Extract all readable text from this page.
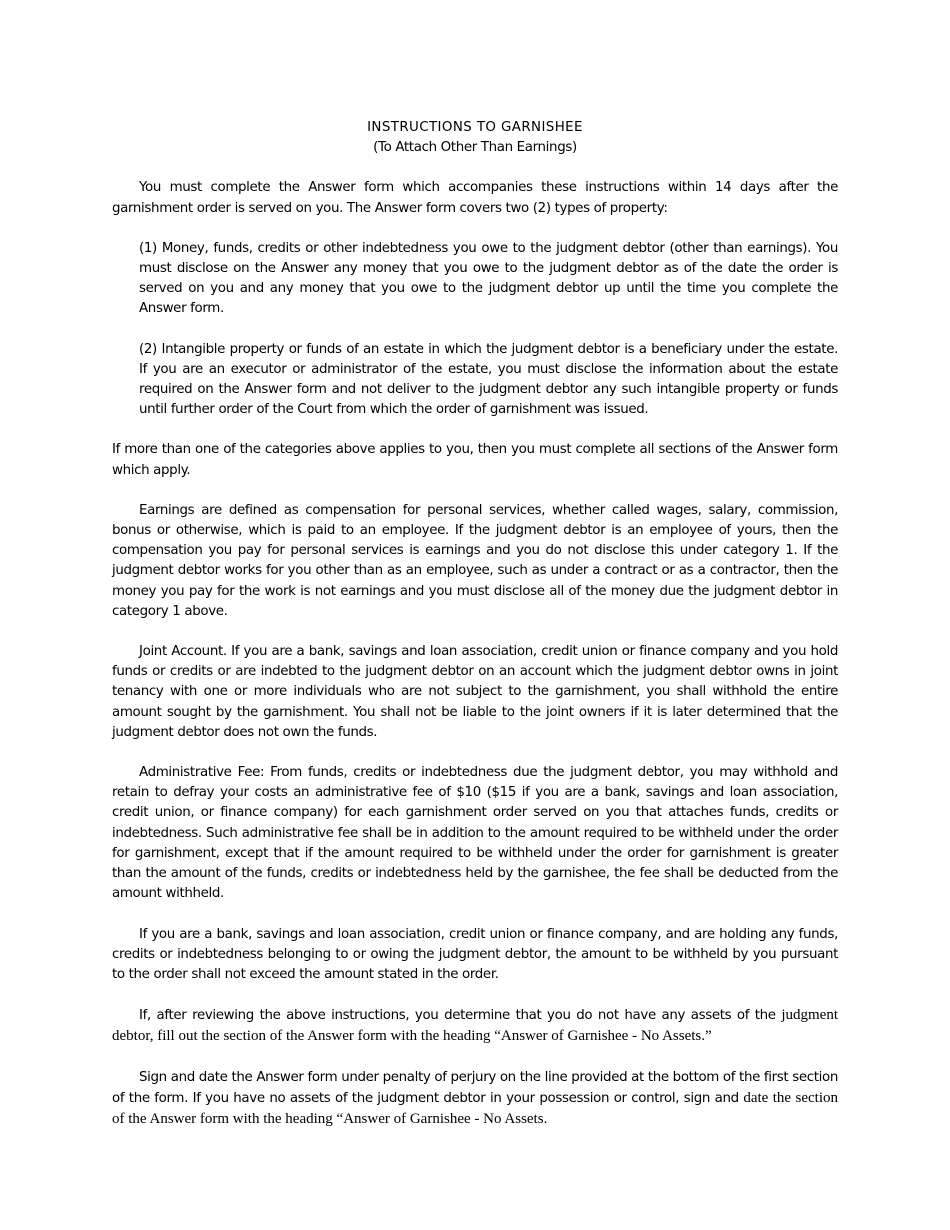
INSTRUCTIONS TO GARNISHEE
(To Attach Other Than Earnings)

You must complete the Answer form which accompanies these instructions within 14 days after the garnishment order is served on you. The Answer form covers two (2) types of property:

(1) Money, funds, credits or other indebtedness you owe to the judgment debtor (other than earnings). You must disclose on the Answer any money that you owe to the judgment debtor as of the date the order is served on you and any money that you owe to the judgment debtor up until the time you complete the Answer form.

(2) Intangible property or funds of an estate in which the judgment debtor is a beneficiary under the estate. If you are an executor or administrator of the estate, you must disclose the information about the estate required on the Answer form and not deliver to the judgment debtor any such intangible property or funds until further order of the Court from which the order of garnishment was issued.

If more than one of the categories above applies to you, then you must complete all sections of the Answer form which apply.

Earnings are defined as compensation for personal services, whether called wages, salary, commission, bonus or otherwise, which is paid to an employee. If the judgment debtor is an employee of yours, then the compensation you pay for personal services is earnings and you do not disclose this under category 1. If the judgment debtor works for you other than as an employee, such as under a contract or as a contractor, then the money you pay for the work is not earnings and you must disclose all of the money due the judgment debtor in category 1 above.

Joint Account. If you are a bank, savings and loan association, credit union or finance company and you hold funds or credits or are indebted to the judgment debtor on an account which the judgment debtor owns in joint tenancy with one or more individuals who are not subject to the garnishment, you shall withhold the entire amount sought by the garnishment. You shall not be liable to the joint owners if it is later determined that the judgment debtor does not own the funds.

Administrative Fee: From funds, credits or indebtedness due the judgment debtor, you may withhold and retain to defray your costs an administrative fee of $10 ($15 if you are a bank, savings and loan association, credit union, or finance company) for each garnishment order served on you that attaches funds, credits or indebtedness. Such administrative fee shall be in addition to the amount required to be withheld under the order for garnishment, except that if the amount required to be withheld under the order for garnishment is greater than the amount of the funds, credits or indebtedness held by the garnishee, the fee shall be deducted from the amount withheld.

If you are a bank, savings and loan association, credit union or finance company, and are holding any funds, credits or indebtedness belonging to or owing the judgment debtor, the amount to be withheld by you pursuant to the order shall not exceed the amount stated in the order.

If, after reviewing the above instructions, you determine that you do not have any assets of the judgment debtor, fill out the section of the Answer form with the heading “Answer of Garnishee - No Assets.”

Sign and date the Answer form under penalty of perjury on the line provided at the bottom of the first section of the form. If you have no assets of the judgment debtor in your possession or control, sign and date the section of the Answer form with the heading “Answer of Garnishee - No Assets.
